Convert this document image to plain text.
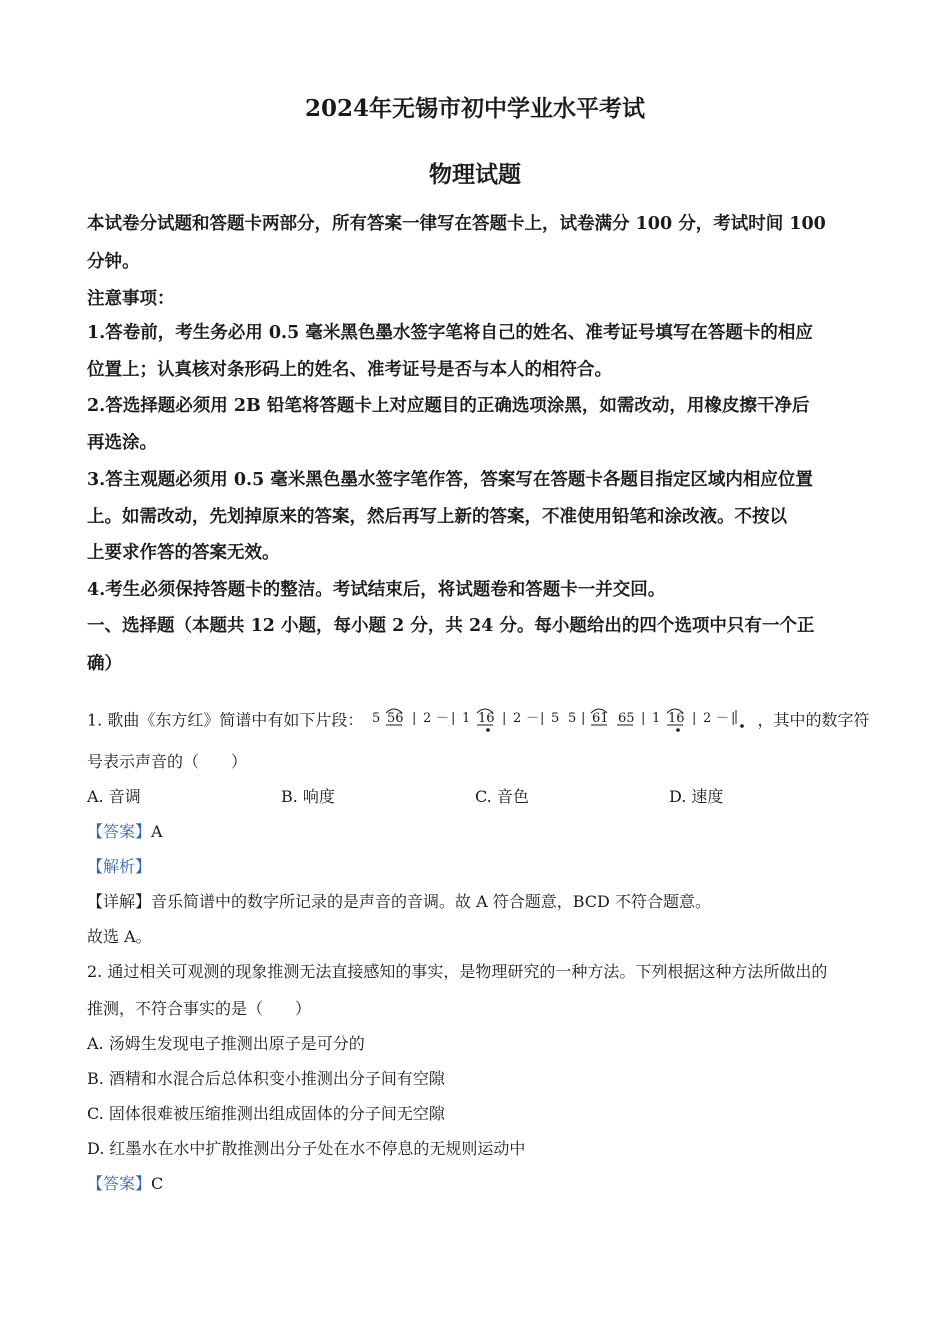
2024年无锡市初中学业水平考试
物理试题
本试卷分试题和答题卡两部分，所有答案一律写在答题卡上，试卷满分 100 分，考试时间 100
分钟。
注意事项：
1.答卷前，考生务必用 0.5 毫米黑色墨水签字笔将自己的姓名、准考证号填写在答题卡的相应
位置上；认真核对条形码上的姓名、准考证号是否与本人的相符合。
2.答选择题必须用 2B 铅笔将答题卡上对应题目的正确选项涂黑，如需改动，用橡皮擦干净后
再选涂。
3.答主观题必须用 0.5 毫米黑色墨水签字笔作答，答案写在答题卡各题目指定区域内相应位置
上。如需改动，先划掉原来的答案，然后再写上新的答案，不准使用铅笔和涂改液。不按以
上要求作答的答案无效。
4.考生必须保持答题卡的整洁。考试结束后，将试题卷和答题卡一并交回。
一、选择题（本题共 12 小题，每小题 2 分，共 24 分。每小题给出的四个选项中只有一个正
确）
1. 歌曲《东方红》简谱中有如下片段： 5 56 | 2 － | 1 16 | 2 － | 5 5 | 61 65 | 1 16 | 2 － | ，其中的数字符
号表示声音的（　　）
A. 音调	B. 响度	C. 音色	D. 速度
【答案】A
【解析】
【详解】音乐简谱中的数字所记录的是声音的音调。故 A 符合题意，BCD 不符合题意。
故选 A。
2. 通过相关可观测的现象推测无法直接感知的事实，是物理研究的一种方法。下列根据这种方法所做出的
推测，不符合事实的是（　　）
A. 汤姆生发现电子推测出原子是可分的
B. 酒精和水混合后总体积变小推测出分子间有空隙
C. 固体很难被压缩推测出组成固体的分子间无空隙
D. 红墨水在水中扩散推测出分子处在水不停息的无规则运动中
【答案】C
